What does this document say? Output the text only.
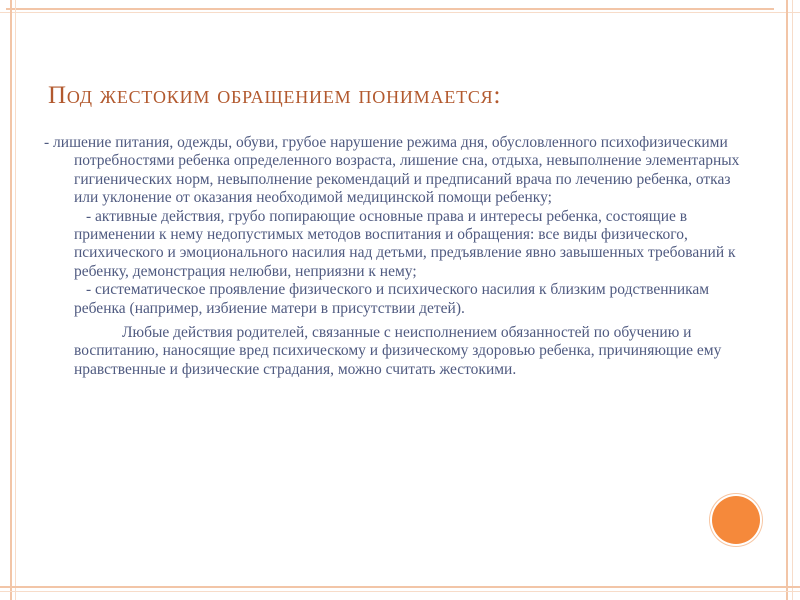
Под жестоким обращением понимается:

- лишение питания, одежды, обуви, грубое нарушение режима дня, обусловленного психофизическими потребностями ребенка определенного возраста, лишение сна, отдыха, невыполнение элементарных гигиенических норм, невыполнение рекомендаций и предписаний врача по лечению ребенка, отказ или уклонение от оказания необходимой медицинской помощи ребенку;

- активные действия, грубо попирающие основные права и интересы ребенка, состоящие в применении к нему недопустимых методов воспитания и обращения: все виды физического, психического и эмоционального насилия над детьми, предъявление явно завышенных требований к ребенку, демонстрация нелюбви, неприязни к нему;

- систематическое проявление физического и психического насилия к близким родственникам ребенка (например, избиение матери в присутствии детей).

Любые действия родителей, связанные с неисполнением обязанностей по обучению и воспитанию, наносящие вред психическому и физическому здоровью ребенка, причиняющие ему нравственные и физические страдания, можно считать жестокими.
